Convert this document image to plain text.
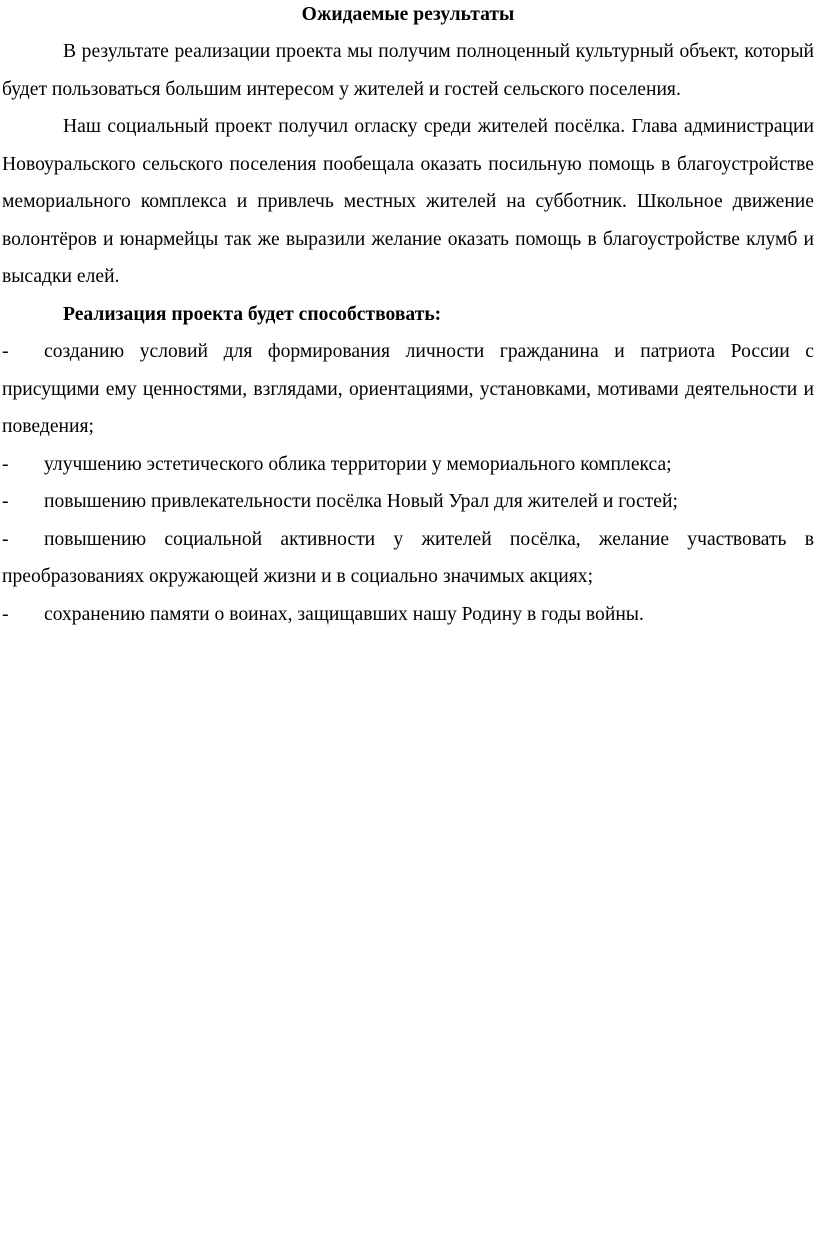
Ожидаемые результаты

В результате реализации проекта мы получим полноценный культурный объект, который будет пользоваться большим интересом у жителей и гостей сельского поселения.

Наш социальный проект получил огласку среди жителей посёлка. Глава администрации Новоуральского сельского поселения пообещала оказать посильную помощь в благоустройстве мемориального комплекса и привлечь местных жителей на субботник. Школьное движение волонтёров и юнармейцы так же выразили желание оказать помощь в благоустройстве клумб и высадки елей.

Реализация проекта будет способствовать:

- созданию условий для формирования личности гражданина и патриота России с присущими ему ценностями, взглядами, ориентациями, установками, мотивами деятельности и поведения;
- улучшению эстетического облика территории у мемориального комплекса;
- повышению привлекательности посёлка Новый Урал для жителей и гостей;
- повышению социальной активности у жителей посёлка, желание участвовать в преобразованиях окружающей жизни и в социально значимых акциях;
- сохранению памяти о воинах, защищавших нашу Родину в годы войны.
